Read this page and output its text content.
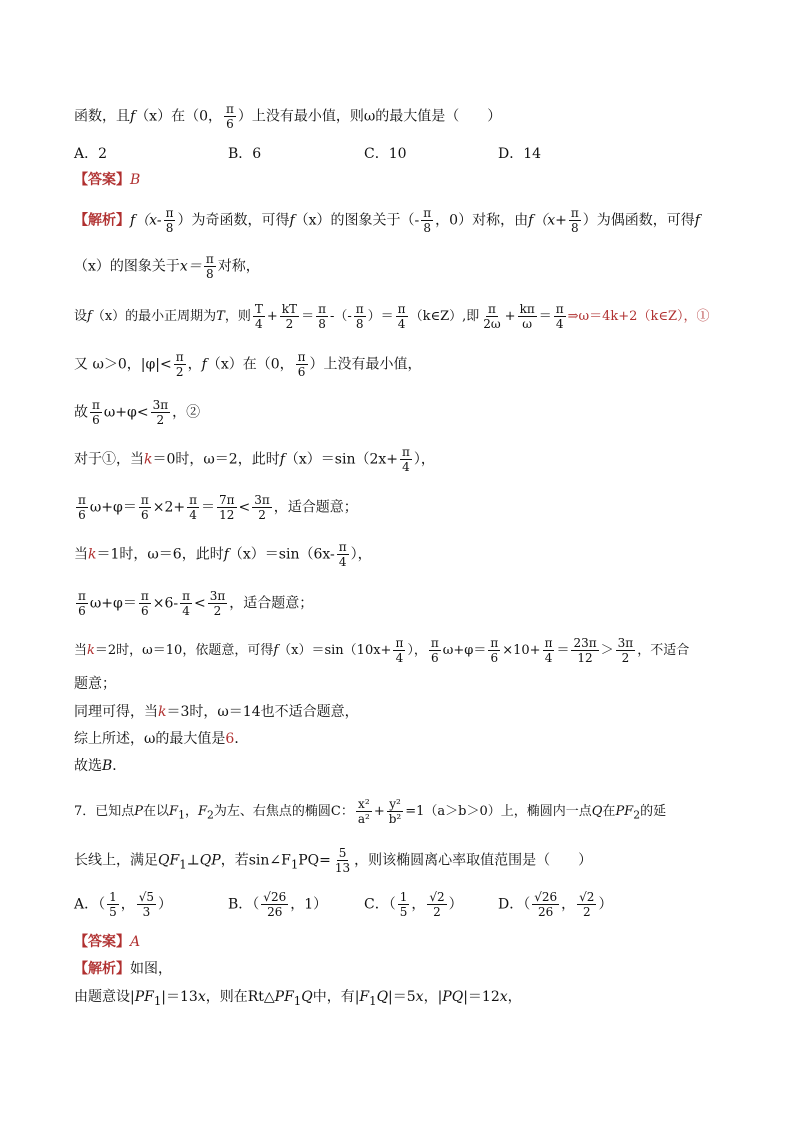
函数，且f（x）在（0， $\frac{\pi}{6}$ ）上没有最小值，则ω的最大值是（　　）
A．2	B．6	C．10	D．14
【答案】B
【解析】$f(x- \frac{\pi}{8}$ ）为奇函数，可得f（x）的图象关于（- $\frac{\pi}{8}$ ，0）对称，由$f(x+ \frac{\pi}{8}$ ）为偶函数，可得f
（x）的图象关于$x= \frac{\pi}{8}$ 对称，
设f（x）的最小正周期为T，则 $\frac{T}{4} + \frac{kT}{2} = \frac{\pi}{8}$ -（- $\frac{\pi}{8}$ ）＝ $\frac{\pi}{4}$ （k∈Z）,即 $\frac{\pi}{2\omega} + \frac{k\pi}{\omega} = \frac{\pi}{4}$ ⇒ω＝4k+2（k∈Z），①
又 ω＞0，$|\varphi|< \frac{\pi}{2}$ ，f（x）在（0， $\frac{\pi}{6}$ ）上没有最小值，
故 $\frac{\pi}{6} \omega+\varphi< \frac{3\pi}{2}$ ，②
对于①，当k＝0时，ω＝2，此时$f(x)=\sin(2x+ \frac{\pi}{4}$ ），
$\frac{\pi}{6} \omega+\varphi= \frac{\pi}{6} \times 2+ \frac{\pi}{4} = \frac{7\pi}{12} < \frac{3\pi}{2}$ ，适合题意；
当k＝1时，ω＝6，此时$f(x)=\sin(6x- \frac{\pi}{4}$ ），
$\frac{\pi}{6} \omega+\varphi= \frac{\pi}{6} \times 6- \frac{\pi}{4} < \frac{3\pi}{2}$ ，适合题意；
当k＝2时，ω＝10，依题意，可得$f(x)=\sin(10x+ \frac{\pi}{4}$ ）， $\frac{\pi}{6} \omega+\varphi= \frac{\pi}{6} \times 10+ \frac{\pi}{4} = \frac{23\pi}{12} > \frac{3\pi}{2}$ ，不适合
题意；
同理可得，当k＝3时，ω＝14也不适合题意，
综上所述，ω的最大值是6．
故选B．
7．已知点P在以$F_1$，$F_2$为左、右焦点的椭圆C： $\frac{\text{x²}}{\text{a²}} + \frac{\text{y²}}{\text{b²}} =1(a>b>0)$上，椭圆内一点Q在$PF_2$的延
长线上，满足$QF_1\perp QP$，若$\sin\angle F_1PQ= \frac{5}{13}$ ，则该椭圆离心率取值范围是（　　）
A．（ $\frac{1}{5}$ ， $\frac{√5}{3}$ ）	B．（ $\frac{√26}{26}$ ，1）	C．（ $\frac{1}{5}$ ， $\frac{√2}{2}$ ）	D．（ $\frac{√26}{26}$ ， $\frac{√2}{2}$ ）
【答案】A
【解析】如图，
由题意设$|PF_1|=13x$，则在$Rt\triangle PF_1Q$中，有$|F_1Q|=5x$，|PQ|＝12x，
